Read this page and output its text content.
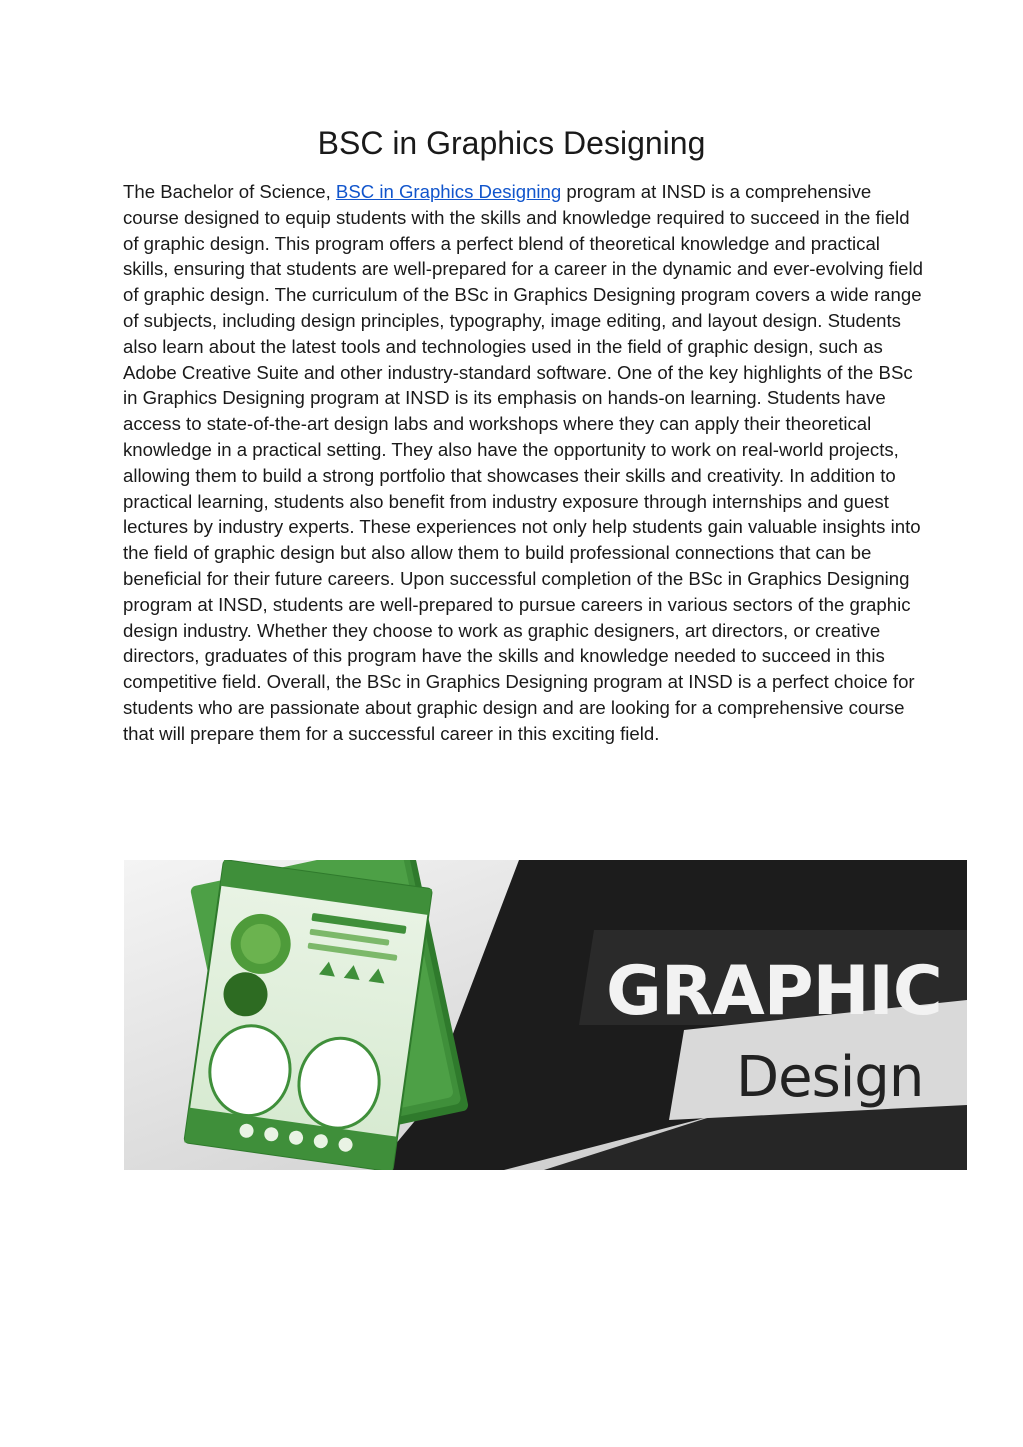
BSC in Graphics Designing

The Bachelor of Science, BSC in Graphics Designing program at INSD is a comprehensive course designed to equip students with the skills and knowledge required to succeed in the field of graphic design. This program offers a perfect blend of theoretical knowledge and practical skills, ensuring that students are well-prepared for a career in the dynamic and ever-evolving field of graphic design. The curriculum of the BSc in Graphics Designing program covers a wide range of subjects, including design principles, typography, image editing, and layout design. Students also learn about the latest tools and technologies used in the field of graphic design, such as Adobe Creative Suite and other industry-standard software. One of the key highlights of the BSc in Graphics Designing program at INSD is its emphasis on hands-on learning. Students have access to state-of-the-art design labs and workshops where they can apply their theoretical knowledge in a practical setting. They also have the opportunity to work on real-world projects, allowing them to build a strong portfolio that showcases their skills and creativity. In addition to practical learning, students also benefit from industry exposure through internships and guest lectures by industry experts. These experiences not only help students gain valuable insights into the field of graphic design but also allow them to build professional connections that can be beneficial for their future careers. Upon successful completion of the BSc in Graphics Designing program at INSD, students are well-prepared to pursue careers in various sectors of the graphic design industry. Whether they choose to work as graphic designers, art directors, or creative directors, graduates of this program have the skills and knowledge needed to succeed in this competitive field. Overall, the BSc in Graphics Designing program at INSD is a perfect choice for students who are passionate about graphic design and are looking for a comprehensive course that will prepare them for a successful career in this exciting field.

GRAPHIC
Design
